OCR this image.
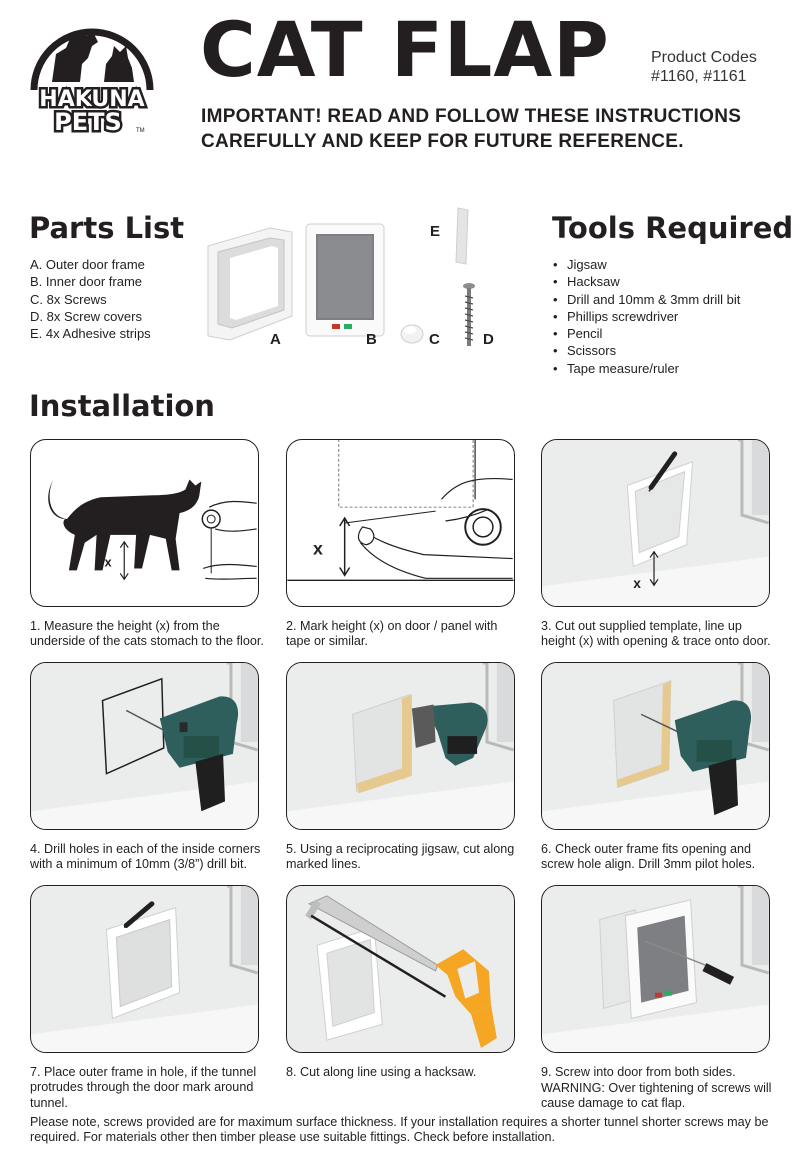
HAKUNA
PETS TM
CAT FLAP	Product Codes
#1160, #1161
IMPORTANT! READ AND FOLLOW THESE INSTRUCTIONS
CAREFULLY AND KEEP FOR FUTURE REFERENCE.
Parts List
A. Outer door frame
B. Inner door frame
C. 8x Screws
D. 8x Screw covers
E. 4x Adhesive strips	A	B	C
E
D
Tools Required
• Jigsaw
• Hacksaw
• Drill and 10mm & 3mm drill bit
• Phillips screwdriver
• Pencil
• Scissors
• Tape measure/ruler
Installation
x
1. Measure the height (x) from the
underside of the cats stomach to the floor.
x
2. Mark height (x) on door / panel with
tape or similar.
x
3. Cut out supplied template, line up
height (x) with opening & trace onto door.
4. Drill holes in each of the inside corners
with a minimum of 10mm (3/8”) drill bit.
5. Using a reciprocating jigsaw, cut along
marked lines.
6. Check outer frame fits opening and
screw hole align. Drill 3mm pilot holes.
7. Place outer frame in hole, if the tunnel
protrudes through the door mark around
tunnel.
8. Cut along line using a hacksaw.	9. Screw into door from both sides.
WARNING: Over tightening of screws will
cause damage to cat flap.
Please note, screws provided are for maximum surface thickness. If your installation requires a shorter tunnel shorter screws may be
required. For materials other then timber please use suitable fittings. Check before installation.
